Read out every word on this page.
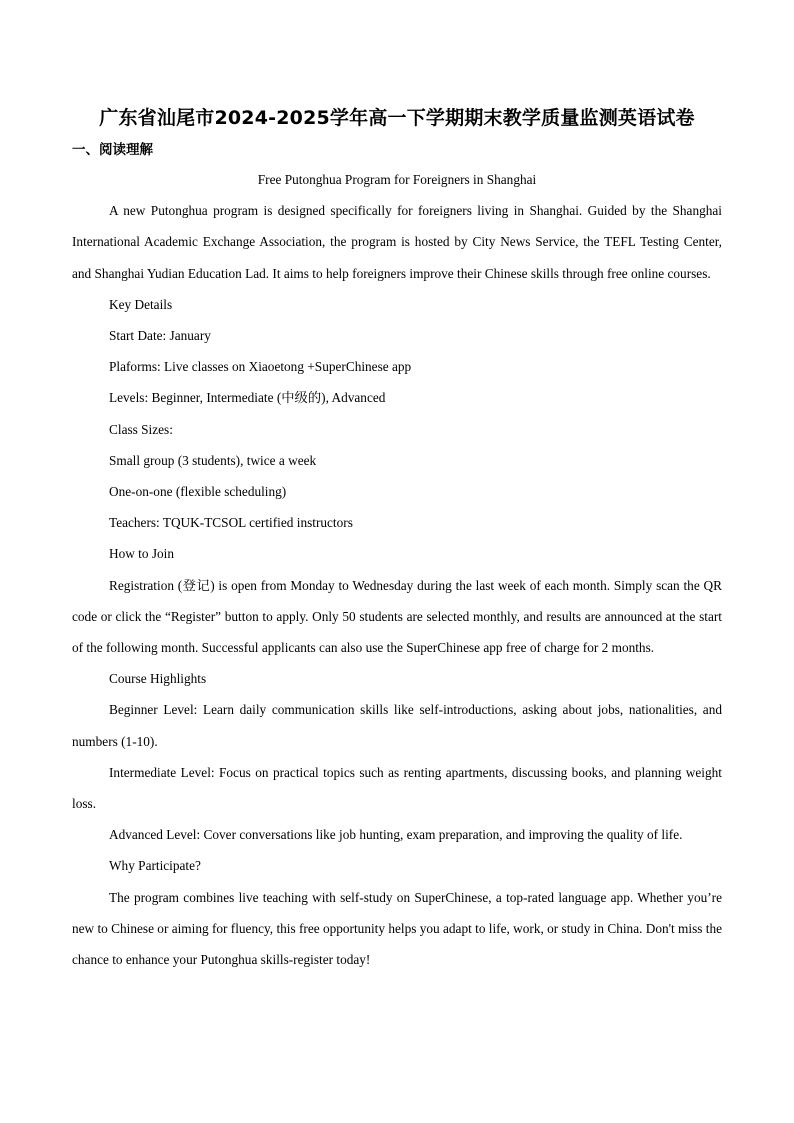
广东省汕尾市2024-2025学年高一下学期期末教学质量监测英语试卷
一、阅读理解

Free Putonghua Program for Foreigners in Shanghai

A new Putonghua program is designed specifically for foreigners living in Shanghai. Guided by the Shanghai International Academic Exchange Association, the program is hosted by City News Service, the TEFL Testing Center, and Shanghai Yudian Education Lad. It aims to help foreigners improve their Chinese skills through free online courses.

Key Details

Start Date: January

Plaforms: Live classes on Xiaoetong +SuperChinese app

Levels: Beginner, Intermediate (中级的), Advanced

Class Sizes:

Small group (3 students), twice a week

One-on-one (flexible scheduling)

Teachers: TQUK-TCSOL certified instructors

How to Join

Registration (登记) is open from Monday to Wednesday during the last week of each month. Simply scan the QR code or click the “Register” button to apply. Only 50 students are selected monthly, and results are announced at the start of the following month. Successful applicants can also use the SuperChinese app free of charge for 2 months.

Course Highlights

Beginner Level: Learn daily communication skills like self-introductions, asking about jobs, nationalities, and numbers (1-10).

Intermediate Level: Focus on practical topics such as renting apartments, discussing books, and planning weight loss.

Advanced Level: Cover conversations like job hunting, exam preparation, and improving the quality of life.

Why Participate?

The program combines live teaching with self-study on SuperChinese, a top-rated language app. Whether you’re new to Chinese or aiming for fluency, this free opportunity helps you adapt to life, work, or study in China. Don't miss the chance to enhance your Putonghua skills-register today!
